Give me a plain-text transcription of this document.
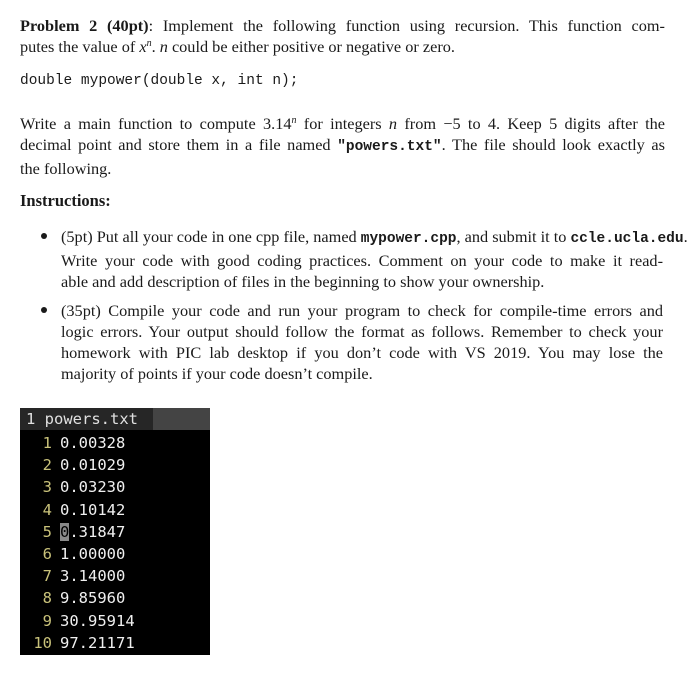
Problem 2 (40pt): Implement the following function using recursion. This function com-
putes the value of $x^n$. n could be either positive or negative or zero.
double mypower(double x, int n);
Write a main function to compute 3.14$^n$ for integers n from −5 to 4. Keep 5 digits after the
decimal point and store them in a file named "powers.txt". The file should look exactly as
the following.
Instructions:
(5pt) Put all your code in one cpp file, named mypower.cpp, and submit it to ccle.ucla.edu.
Write your code with good coding practices. Comment on your code to make it read-
able and add description of files in the beginning to show your ownership.
(35pt) Compile your code and run your program to check for compile-time errors and
logic errors. Your output should follow the format as follows. Remember to check your
homework with PIC lab desktop if you don’t code with VS 2019. You may lose the
majority of points if your code doesn’t compile.
1 powers.txt
1 0.00328
2 0.01029
3 0.03230
4 0.10142
5 0.31847
6 1.00000
7 3.14000
8 9.85960
9 30.95914
10 97.21171
